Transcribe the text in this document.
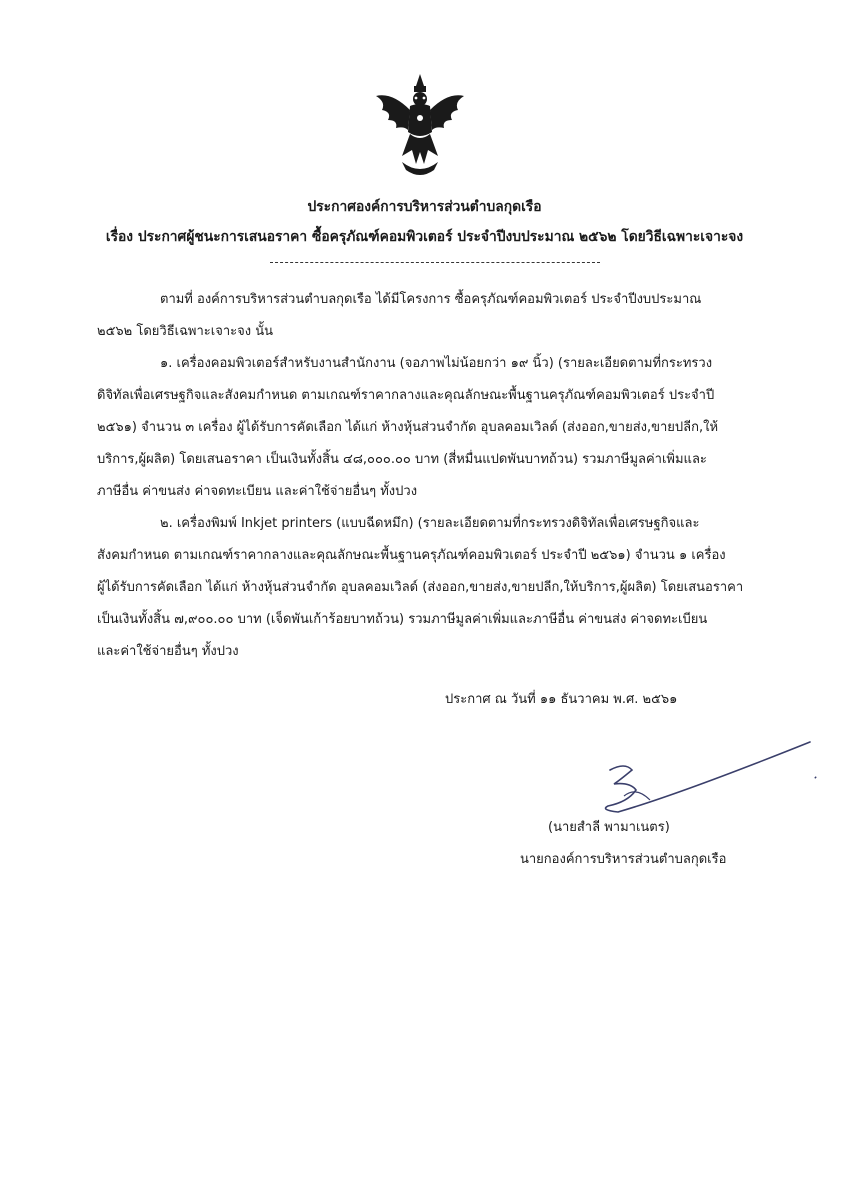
ประกาศองค์การบริหารส่วนตำบลกุดเรือ
เรื่อง ประกาศผู้ชนะการเสนอราคา ซื้อครุภัณฑ์คอมพิวเตอร์ ประจำปีงบประมาณ ๒๕๖๒ โดยวิธีเฉพาะเจาะจง
ตามที่ องค์การบริหารส่วนตำบลกุดเรือ ได้มีโครงการ ซื้อครุภัณฑ์คอมพิวเตอร์ ประจำปีงบประมาณ
๒๕๖๒ โดยวิธีเฉพาะเจาะจง นั้น
๑. เครื่องคอมพิวเตอร์สำหรับงานสำนักงาน (จอภาพไม่น้อยกว่า ๑๙ นิ้ว) (รายละเอียดตามที่กระทรวง
ดิจิทัลเพื่อเศรษฐกิจและสังคมกำหนด ตามเกณฑ์ราคากลางและคุณลักษณะพื้นฐานครุภัณฑ์คอมพิวเตอร์ ประจำปี
๒๕๖๑) จำนวน ๓ เครื่อง ผู้ได้รับการคัดเลือก ได้แก่ ห้างหุ้นส่วนจำกัด อุบลคอมเวิลด์ (ส่งออก,ขายส่ง,ขายปลีก,ให้
บริการ,ผู้ผลิต) โดยเสนอราคา เป็นเงินทั้งสิ้น ๔๘,๐๐๐.๐๐ บาท (สี่หมื่นแปดพันบาทถ้วน) รวมภาษีมูลค่าเพิ่มและ
ภาษีอื่น ค่าขนส่ง ค่าจดทะเบียน และค่าใช้จ่ายอื่นๆ ทั้งปวง
๒. เครื่องพิมพ์ Inkjet printers (แบบฉีดหมึก) (รายละเอียดตามที่กระทรวงดิจิทัลเพื่อเศรษฐกิจและ
สังคมกำหนด ตามเกณฑ์ราคากลางและคุณลักษณะพื้นฐานครุภัณฑ์คอมพิวเตอร์ ประจำปี ๒๕๖๑) จำนวน ๑ เครื่อง
ผู้ได้รับการคัดเลือก ได้แก่ ห้างหุ้นส่วนจำกัด อุบลคอมเวิลด์ (ส่งออก,ขายส่ง,ขายปลีก,ให้บริการ,ผู้ผลิต) โดยเสนอราคา
เป็นเงินทั้งสิ้น ๗,๙๐๐.๐๐ บาท (เจ็ดพันเก้าร้อยบาทถ้วน) รวมภาษีมูลค่าเพิ่มและภาษีอื่น ค่าขนส่ง ค่าจดทะเบียน
และค่าใช้จ่ายอื่นๆ ทั้งปวง
ประกาศ ณ วันที่ ๑๑ ธันวาคม พ.ศ. ๒๕๖๑
(นายสำลี พามาเนตร)
นายกองค์การบริหารส่วนตำบลกุดเรือ
